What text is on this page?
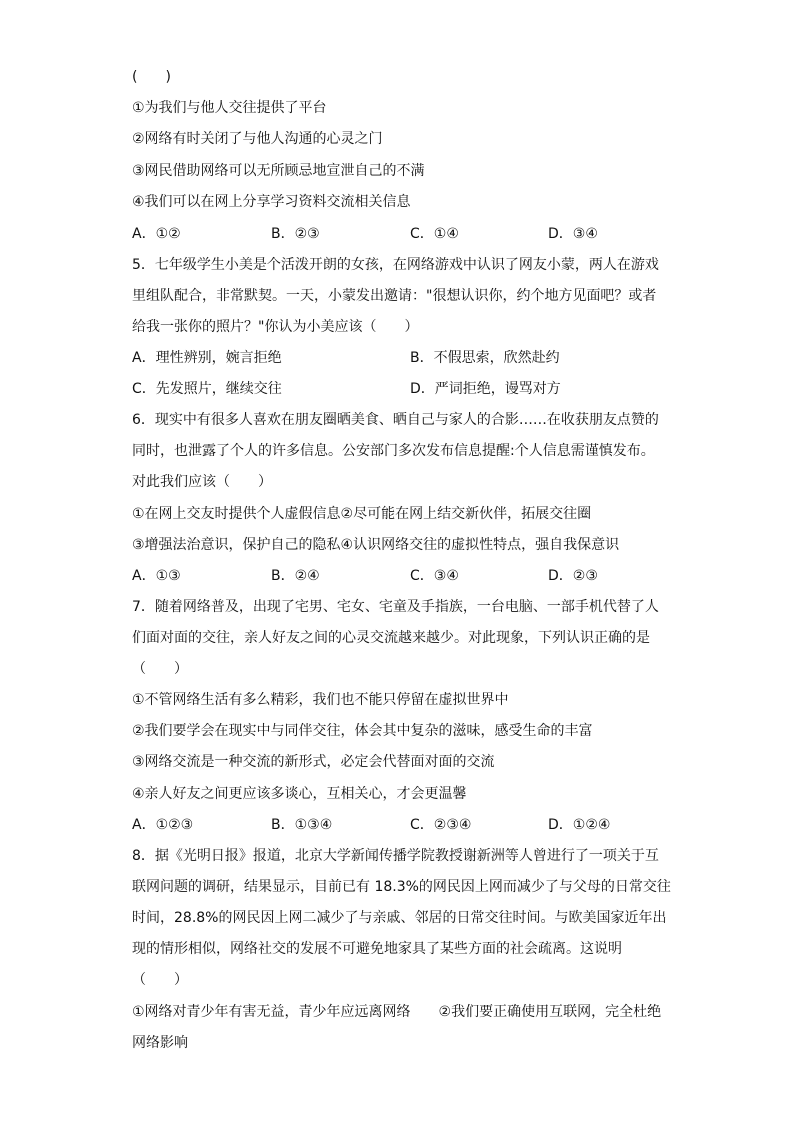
(　　)
①为我们与他人交往提供了平台
②网络有时关闭了与他人沟通的心灵之门
③网民借助网络可以无所顾忌地宣泄自己的不满
④我们可以在网上分享学习资料交流相关信息
A．①②	B．②③	C．①④	D．③④
5．七年级学生小美是个活泼开朗的女孩，在网络游戏中认识了网友小蒙，两人在游戏
里组队配合，非常默契。一天，小蒙发出邀请："很想认识你，约个地方见面吧？或者
给我一张你的照片？"你认为小美应该（　　）
A．理性辨别，婉言拒绝	B．不假思索，欣然赴约
C．先发照片，继续交往	D．严词拒绝，谩骂对方
6．现实中有很多人喜欢在朋友圈晒美食、晒自己与家人的合影……在收获朋友点赞的
同时，也泄露了个人的许多信息。公安部门多次发布信息提醒:个人信息需谨慎发布。
对此我们应该（　　）
①在网上交友时提供个人虚假信息②尽可能在网上结交新伙伴，拓展交往圈
③增强法治意识，保护自己的隐私④认识网络交往的虚拟性特点，强自我保意识
A．①③	B．②④	C．③④	D．②③
7．随着网络普及，出现了宅男、宅女、宅童及手指族，一台电脑、一部手机代替了人
们面对面的交往，亲人好友之间的心灵交流越来越少。对此现象，下列认识正确的是
（　　）
①不管网络生活有多么精彩，我们也不能只停留在虚拟世界中
②我们要学会在现实中与同伴交往，体会其中复杂的滋味，感受生命的丰富
③网络交流是一种交流的新形式，必定会代替面对面的交流
④亲人好友之间更应该多谈心，互相关心，才会更温馨
A．①②③	B．①③④	C．②③④	D．①②④
8．据《光明日报》报道，北京大学新闻传播学院教授谢新洲等人曾进行了一项关于互
联网问题的调研，结果显示，目前已有 18.3%的网民因上网而减少了与父母的日常交往
时间，28.8%的网民因上网二减少了与亲戚、邻居的日常交往时间。与欧美国家近年出
现的情形相似，网络社交的发展不可避免地家具了某些方面的社会疏离。这说明
（　　）
①网络对青少年有害无益，青少年应远离网络　　②我们要正确使用互联网，完全杜绝
网络影响
